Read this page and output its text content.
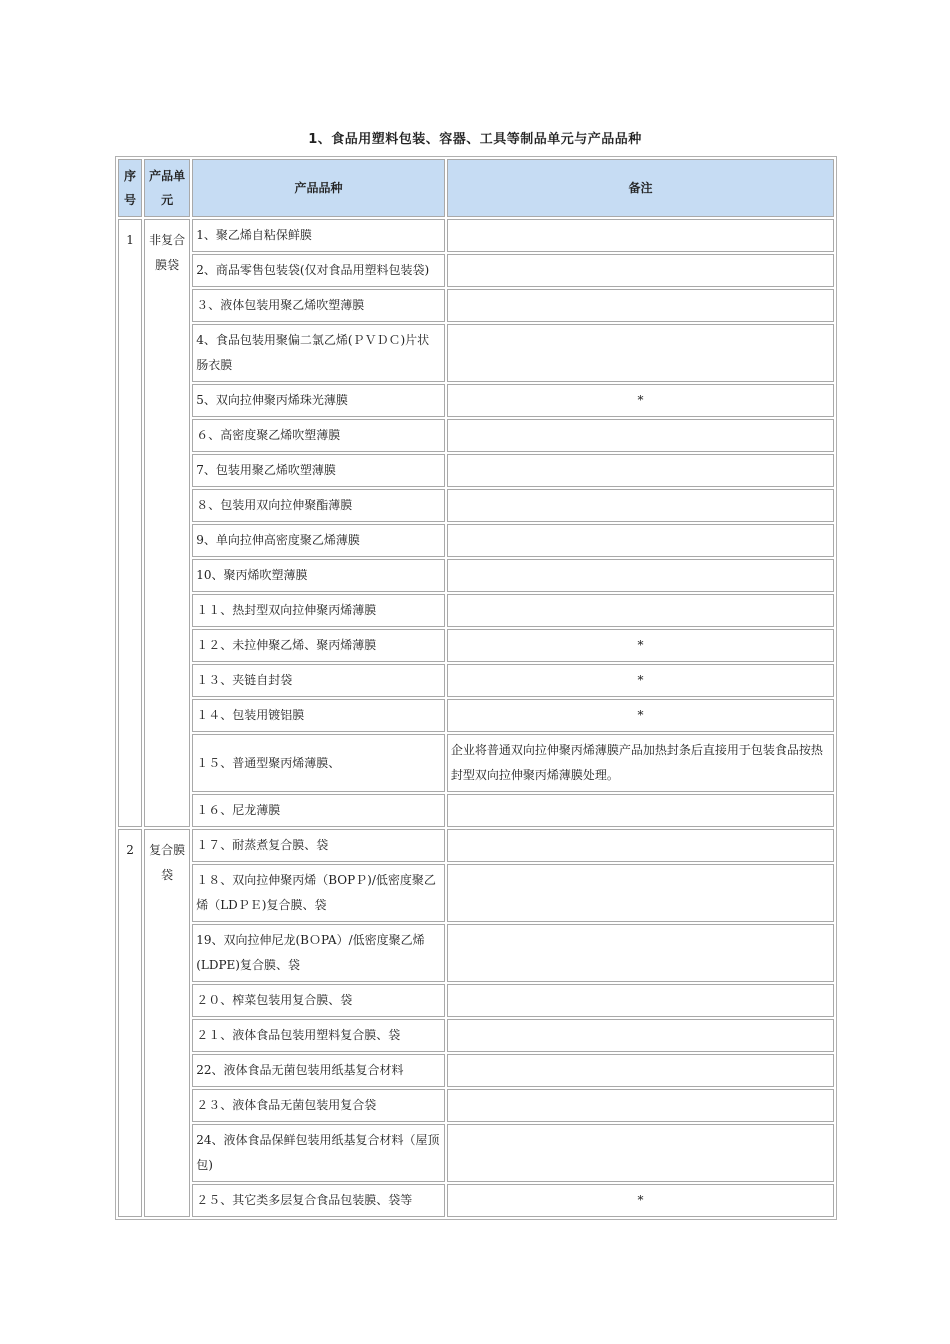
1、食品用塑料包装、容器、工具等制品单元与产品品种
序号	产品单元	产品品种	备注
1	非复合膜袋	1、聚乙烯自粘保鲜膜	
		2、商品零售包装袋(仅对食品用塑料包装袋)	
		３、液体包装用聚乙烯吹塑薄膜	
		4、食品包装用聚偏二氯乙烯(ＰＶＤＣ)片状肠衣膜	
		5、双向拉伸聚丙烯珠光薄膜	*
		６、高密度聚乙烯吹塑薄膜	
		7、包装用聚乙烯吹塑薄膜	
		８、包装用双向拉伸聚酯薄膜	
		9、单向拉伸高密度聚乙烯薄膜	
		10、聚丙烯吹塑薄膜	
		１１、热封型双向拉伸聚丙烯薄膜	
		１２、未拉伸聚乙烯、聚丙烯薄膜	*
		１３、夹链自封袋	*
		１４、包装用镀铝膜	*
		１５、普通型聚丙烯薄膜、	企业将普通双向拉伸聚丙烯薄膜产品加热封条后直接用于包装食品按热封型双向拉伸聚丙烯薄膜处理。
		１６、尼龙薄膜	
2	复合膜袋	１７、耐蒸煮复合膜、袋	
		１８、双向拉伸聚丙烯（BOPＰ)/低密度聚乙烯（LDＰＥ)复合膜、袋	
		19、双向拉伸尼龙(BＯPA）/低密度聚乙烯(LDPE)复合膜、袋	
		２０、榨菜包装用复合膜、袋	
		２１、液体食品包装用塑料复合膜、袋	
		22、液体食品无菌包装用纸基复合材料	
		２３、液体食品无菌包装用复合袋	
		24、液体食品保鲜包装用纸基复合材料（屋顶包)	
		２５、其它类多层复合食品包装膜、袋等	*
